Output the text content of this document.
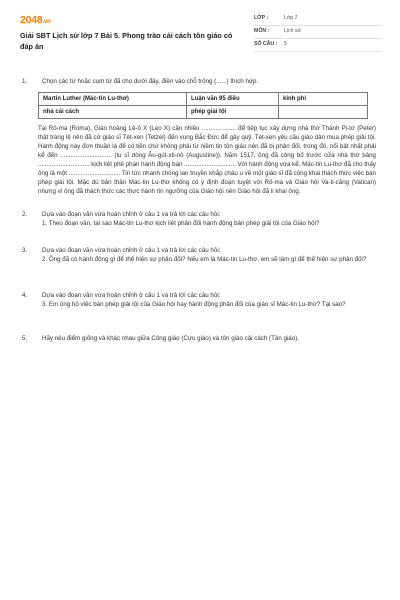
2048.vn
Giải SBT Lịch sử lớp 7 Bài 5. Phong trào cải cách tôn giáo có đáp án
LỚP :	Lớp 7
MÔN :	Lịch sử
SỐ CÂU :	5
1.	Chọn các từ hoặc cụm từ đã cho dưới đây, điền vào chỗ trống (......) thích hợp.
Martin Luther (Mác-tin Lu-thơ)	Luận văn 95 điều	kinh phí
nhà cải cách	phép giải tội	
Tại Rô-ma (Roma), Giáo hoàng Lê-ô X (Leo X) cần nhiều .................... để tiếp tục xây dựng nhà thờ Thánh Pi-tơ (Peter) thật tráng lệ nên đã cử giáo sĩ Tét-xen (Tetzel) đến vùng Bắc Đức để gây quỹ. Tét-xen yêu cầu giáo dân mua phép giải tội. Hành động này đơn thuần là để có tiền chứ không phải từ niềm tin tôn giáo nên đã bị phản đối, trong đó, nổi bật nhất phải kể đến .............................. (tu sĩ dòng Âu-gút-xti-nô (Augustine)). Năm 1517, ông đã công bố trước cửa nhà thờ bảng .............................. kịch liệt phê phán hành động bán .............................. Với hành động vừa kể, Mác-tin Lu-thơ đã cho thấy ông là một .............................. Tin tức nhanh chóng lan truyền khắp châu u về một giáo sĩ đã công khai thách thức việc bán phép giải tội. Mặc dù bản thân Mác-tin Lu-thơ không có ý định đoạn tuyệt với Rô-ma và Giáo hội Va-ti-căng (Vatican) nhưng vì ông đã thách thức các thực hành tín ngưỡng của Giáo hội nên Giáo hội đã li khai ông.
2.	Dựa vào đoạn văn vừa hoàn chỉnh ở câu 1 và trả lời các câu hỏi:
1. Theo đoạn văn, tại sao Mác-tin Lu-thơ kịch liệt phản đối hành động bán phép giải tội của Giáo hội?
3.	Dựa vào đoạn văn vừa hoàn chỉnh ở câu 1 và trả lời các câu hỏi:
2. Ông đã có hành động gì để thể hiện sự phản đối? Nếu em là Mác-tin Lu-thơ, em sẽ làm gì để thể hiện sự phản đối?
4.	Dựa vào đoạn văn vừa hoàn chỉnh ở câu 1 và trả lời các câu hỏi:
3. Em ủng hộ việc bán phép giải tội của Giáo hội hay hành động phản đối của giáo sĩ Mác-tin Lu-thơ? Tại sao?
5.	Hãy nêu điểm giống và khác nhau giữa Công giáo (Cựu giáo) và tôn giáo cải cách (Tân giáo).
